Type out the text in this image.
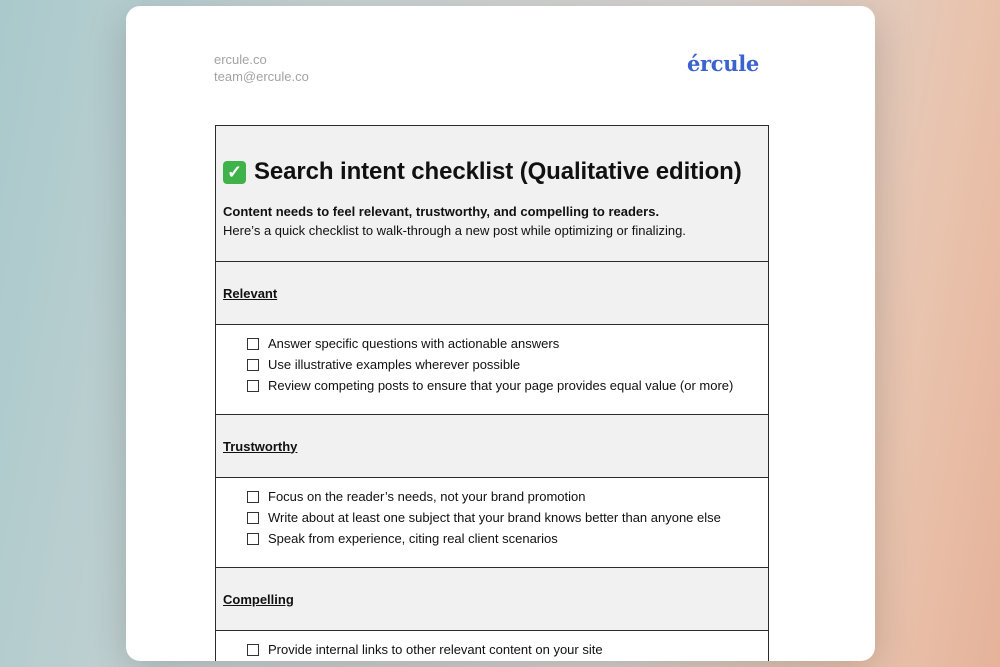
ercule.co
team@ercule.co
ércule
✓ Search intent checklist (Qualitative edition)
Content needs to feel relevant, trustworthy, and compelling to readers.
Here’s a quick checklist to walk-through a new post while optimizing or finalizing.
Relevant
Answer specific questions with actionable answers
Use illustrative examples wherever possible
Review competing posts to ensure that your page provides equal value (or more)
Trustworthy
Focus on the reader’s needs, not your brand promotion
Write about at least one subject that your brand knows better than anyone else
Speak from experience, citing real client scenarios
Compelling
Provide internal links to other relevant content on your site
